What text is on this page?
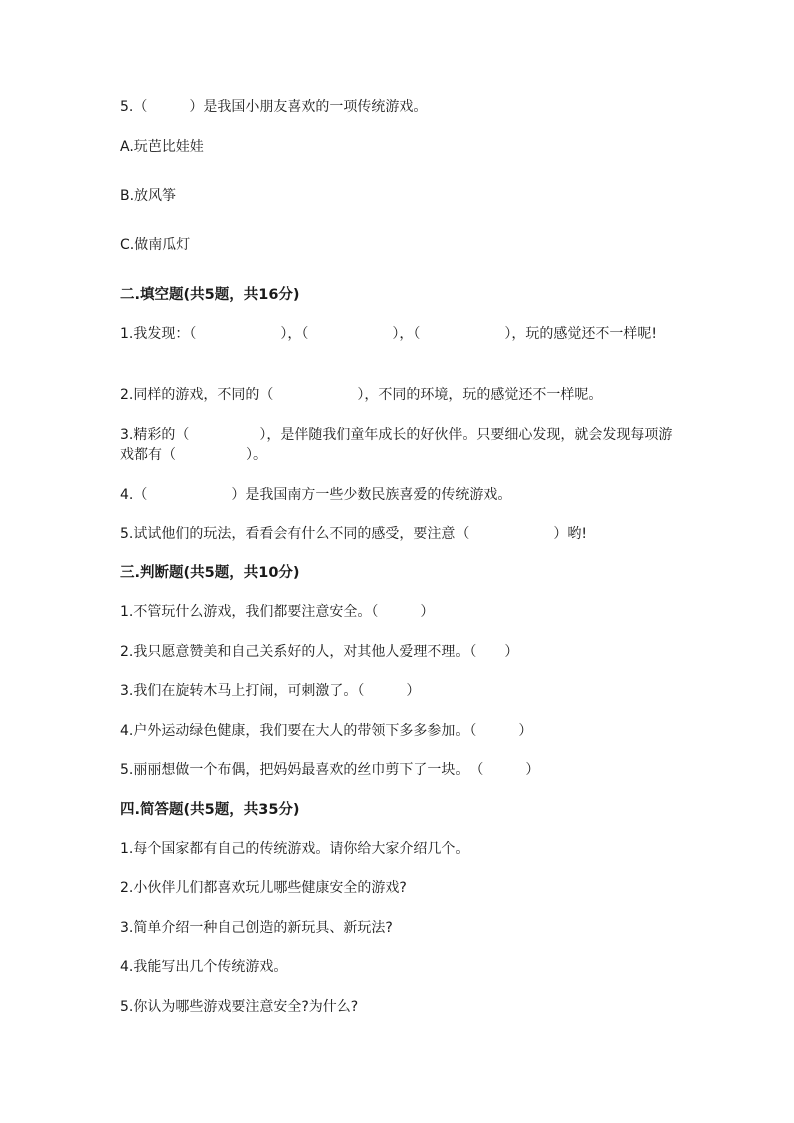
5.（　　　）是我国小朋友喜欢的一项传统游戏。
A.玩芭比娃娃
B.放风筝
C.做南瓜灯
二.填空题(共5题，共16分)
1.我发现：（　　　　　　），（　　　　　　），（　　　　　　），玩的感觉还不一样呢!
2.同样的游戏，不同的（　　　　　　），不同的环境，玩的感觉还不一样呢。
3.精彩的（　　　　　），是伴随我们童年成长的好伙伴。只要细心发现，就会发现每项游戏都有（　　　　　）。
4.（　　　　　　）是我国南方一些少数民族喜爱的传统游戏。
5.试试他们的玩法，看看会有什么不同的感受，要注意（　　　　　　）哟!
三.判断题(共5题，共10分)
1.不管玩什么游戏，我们都要注意安全。（　　　）
2.我只愿意赞美和自己关系好的人，对其他人爱理不理。（　　）
3.我们在旋转木马上打闹，可刺激了。（　　　）
4.户外运动绿色健康，我们要在大人的带领下多多参加。（　　　）
5.丽丽想做一个布偶，把妈妈最喜欢的丝巾剪下了一块。　（　　　）
四.简答题(共5题，共35分)
1.每个国家都有自己的传统游戏。请你给大家介绍几个。
2.小伙伴儿们都喜欢玩儿哪些健康安全的游戏?
3.简单介绍一种自己创造的新玩具、新玩法?
4.我能写出几个传统游戏。
5.你认为哪些游戏要注意安全?为什么?
